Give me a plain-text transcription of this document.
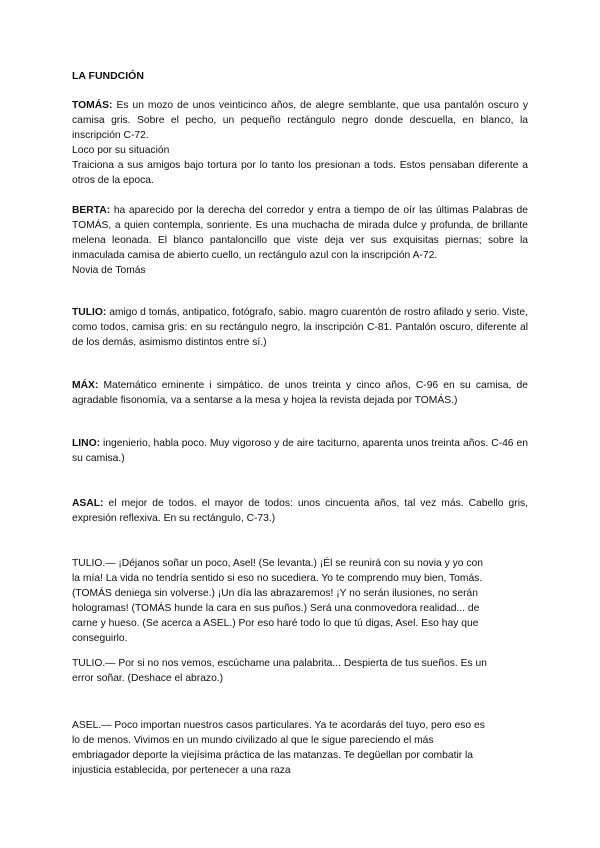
LA FUNDCIÓN

TOMÁS: Es un mozo de unos veinticinco años, de alegre semblante, que usa pantalón oscuro y camisa gris. Sobre el pecho, un pequeño rectángulo negro donde descuella, en blanco, la inscripción C-72.

Loco por su situación

Traiciona a sus amigos bajo tortura por lo tanto los presionan a tods. Estos pensaban diferente a otros de la epoca.

BERTA: ha aparecido por la derecha del corredor y entra a tiempo de oír las últimas Palabras de TOMÁS, a quien contempla, sonriente. Es una muchacha de mirada dulce y profunda, de brillante melena leonada. El blanco pantaloncillo que viste deja ver sus exquisitas piernas; sobre la inmaculada camisa de abierto cuello, un rectángulo azul con la inscripción A-72.

Novia de Tomás

TULIO: amigo d tomás, antipatico, fotógrafo, sabio. magro cuarentón de rostro afilado y serio. Viste, como todos, camisa gris: en su rectángulo negro, la inscripción C-81. Pantalón oscuro, diferente al de los demás, asimismo distintos entre sí.)

MÁX: Matemático eminente i simpático. de unos treinta y cinco años, C-96 en su camisa, de agradable fisonomía, va a sentarse a la mesa y hojea la revista dejada por TOMÁS.)

LINO: ingenierio, habla poco. Muy vigoroso y de aire taciturno, aparenta unos treinta años. C-46 en su camisa.)

ASAL: el mejor de todos. el mayor de todos: unos cincuenta años, tal vez más. Cabello gris, expresión reflexiva. En su rectángulo, C-73.)

TULIO.— ¡Déjanos soñar un poco, Asel! (Se levanta.) ¡Él se reunirá con su novia y yo con la mía! La vida no tendría sentido si eso no sucediera. Yo te comprendo muy bien, Tomás. (TOMÁS deniega sin volverse.) ¡Un día las abrazaremos! ¡Y no serán ilusiones, no serán hologramas! (TOMÁS hunde la cara en sus puños.) Será una conmovedora realidad... de carne y hueso. (Se acerca a ASEL.) Por eso haré todo lo que tú digas, Asel. Eso hay que conseguirlo.

TULIO.— Por si no nos vemos, escúchame una palabrita... Despierta de tus sueños. Es un error soñar. (Deshace el abrazo.)

ASEL.— Poco importan nuestros casos particulares. Ya te acordarás del tuyo, pero eso es lo de menos. Vivimos en un mundo civilizado al que le sigue pareciendo el más embriagador deporte la viejísima práctica de las matanzas. Te degüellan por combatir la injusticia establecida, por pertenecer a una raza
